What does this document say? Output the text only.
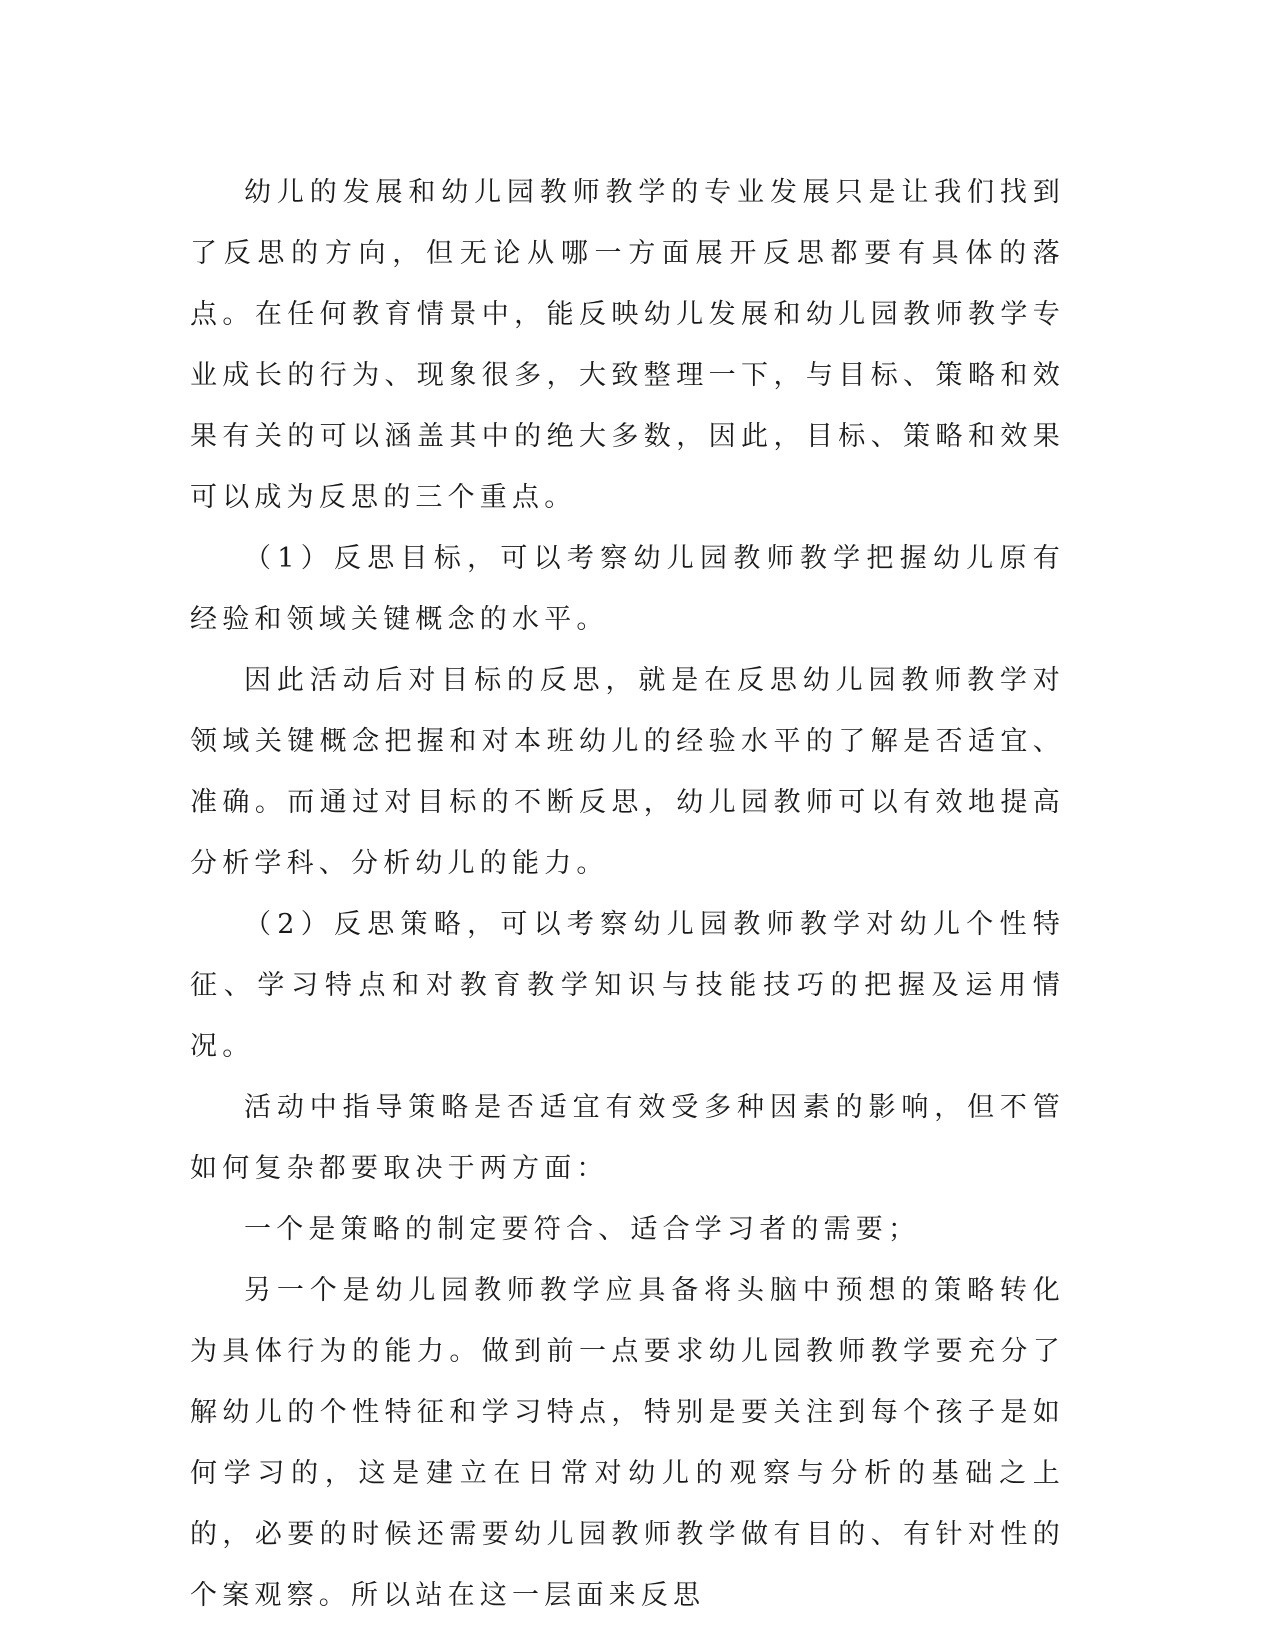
幼儿的发展和幼儿园教师教学的专业发展只是让我们找到了反思的方向，但无论从哪一方面展开反思都要有具体的落点。在任何教育情景中，能反映幼儿发展和幼儿园教师教学专业成长的行为、现象很多，大致整理一下，与目标、策略和效果有关的可以涵盖其中的绝大多数，因此，目标、策略和效果可以成为反思的三个重点。

（1）反思目标，可以考察幼儿园教师教学把握幼儿原有经验和领域关键概念的水平。

因此活动后对目标的反思，就是在反思幼儿园教师教学对领域关键概念把握和对本班幼儿的经验水平的了解是否适宜、准确。而通过对目标的不断反思，幼儿园教师可以有效地提高分析学科、分析幼儿的能力。

（2）反思策略，可以考察幼儿园教师教学对幼儿个性特征、学习特点和对教育教学知识与技能技巧的把握及运用情况。

活动中指导策略是否适宜有效受多种因素的影响，但不管如何复杂都要取决于两方面：

一个是策略的制定要符合、适合学习者的需要；

另一个是幼儿园教师教学应具备将头脑中预想的策略转化为具体行为的能力。做到前一点要求幼儿园教师教学要充分了解幼儿的个性特征和学习特点，特别是要关注到每个孩子是如何学习的，这是建立在日常对幼儿的观察与分析的基础之上的，必要的时候还需要幼儿园教师教学做有目的、有针对性的个案观察。所以站在这一层面来反思
